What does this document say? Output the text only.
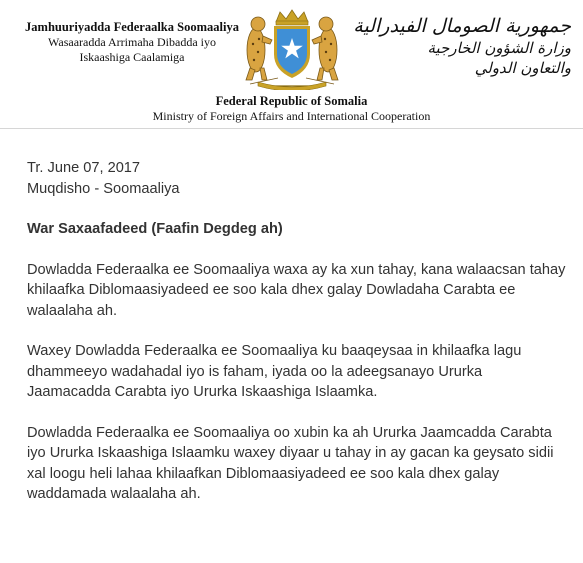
Jamhuuriyadda Federaalka Soomaaliya
Wasaaradda Arrimaha Dibadda iyo
Iskaashiga Caalamiga
جمهورية الصومال الفيدرالية
وزارة الشؤون الخارجية
والتعاون الدولي
Federal Republic of Somalia
Ministry of Foreign Affairs and International Cooperation

Tr. June 07, 2017

Muqdisho - Soomaaliya

War Saxaafadeed (Faafin Degdeg ah)

Dowladda Federaalka ee Soomaaliya waxa ay ka xun tahay, kana walaacsan tahay khilaafka Diblomaasiyadeed ee soo kala dhex galay Dowladaha Carabta ee walaalaha ah.

Waxey Dowladda Federaalka ee Soomaaliya ku baaqeysaa in khilaafka lagu dhammeeyo wadahadal iyo is faham, iyada oo la adeegsanayo Ururka Jaamacadda Carabta iyo Ururka Iskaashiga Islaamka.

Dowladda Federaalka ee Soomaaliya oo xubin ka ah Ururka Jaamcadda Carabta iyo Ururka Iskaashiga Islaamku waxey diyaar u tahay in ay gacan ka geysato sidii xal loogu heli lahaa khilaafkan Diblomaasiyadeed ee soo kala dhex galay waddamada walaalaha ah.
